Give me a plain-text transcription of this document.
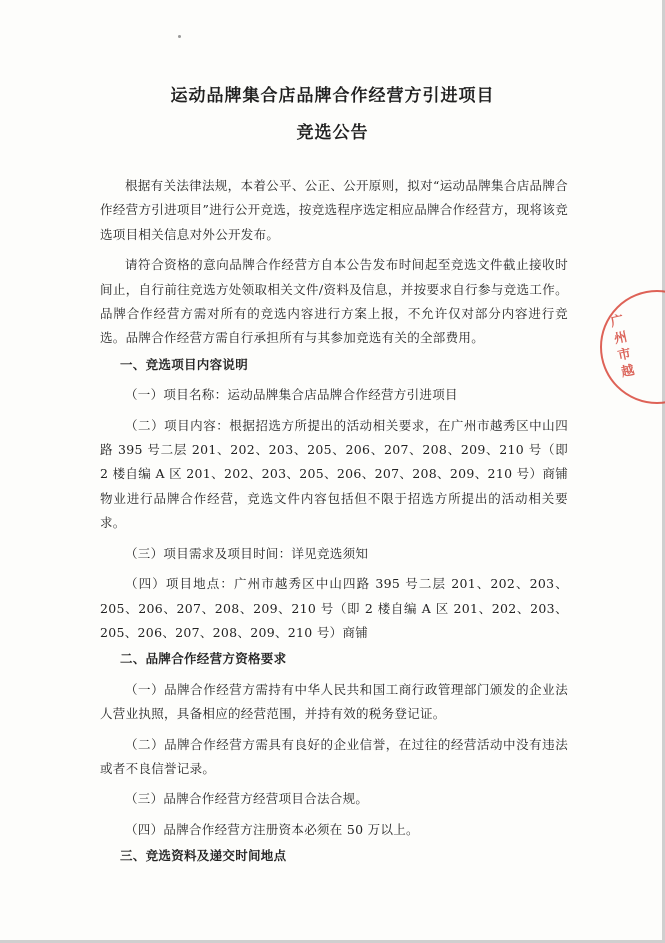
运动品牌集合店品牌合作经营方引进项目
竞选公告

根据有关法律法规，本着公平、公正、公开原则，拟对“运动品牌集合店品牌合作经营方引进项目”进行公开竞选，按竞选程序选定相应品牌合作经营方，现将该竞选项目相关信息对外公开发布。

请符合资格的意向品牌合作经营方自本公告发布时间起至竞选文件截止接收时间止，自行前往竞选方处领取相关文件/资料及信息，并按要求自行参与竞选工作。品牌合作经营方需对所有的竞选内容进行方案上报，不允许仅对部分内容进行竞选。品牌合作经营方需自行承担所有与其参加竞选有关的全部费用。

一、竞选项目内容说明

（一）项目名称：运动品牌集合店品牌合作经营方引进项目

（二）项目内容：根据招选方所提出的活动相关要求，在广州市越秀区中山四路 395 号二层 201、202、203、205、206、207、208、209、210 号（即 2 楼自编 A 区 201、202、203、205、206、207、208、209、210 号）商铺物业进行品牌合作经营，竞选文件内容包括但不限于招选方所提出的活动相关要求。

（三）项目需求及项目时间：详见竞选须知

（四）项目地点：广州市越秀区中山四路 395 号二层 201、202、203、205、206、207、208、209、210 号（即 2 楼自编 A 区 201、202、203、205、206、207、208、209、210 号）商铺

二、品牌合作经营方资格要求

（一）品牌合作经营方需持有中华人民共和国工商行政管理部门颁发的企业法人营业执照，具备相应的经营范围，并持有效的税务登记证。

（二）品牌合作经营方需具有良好的企业信誉，在过往的经营活动中没有违法或者不良信誉记录。

（三）品牌合作经营方经营项目合法合规。

（四）品牌合作经营方注册资本必须在 50 万以上。

三、竞选资料及递交时间地点

广州市越
